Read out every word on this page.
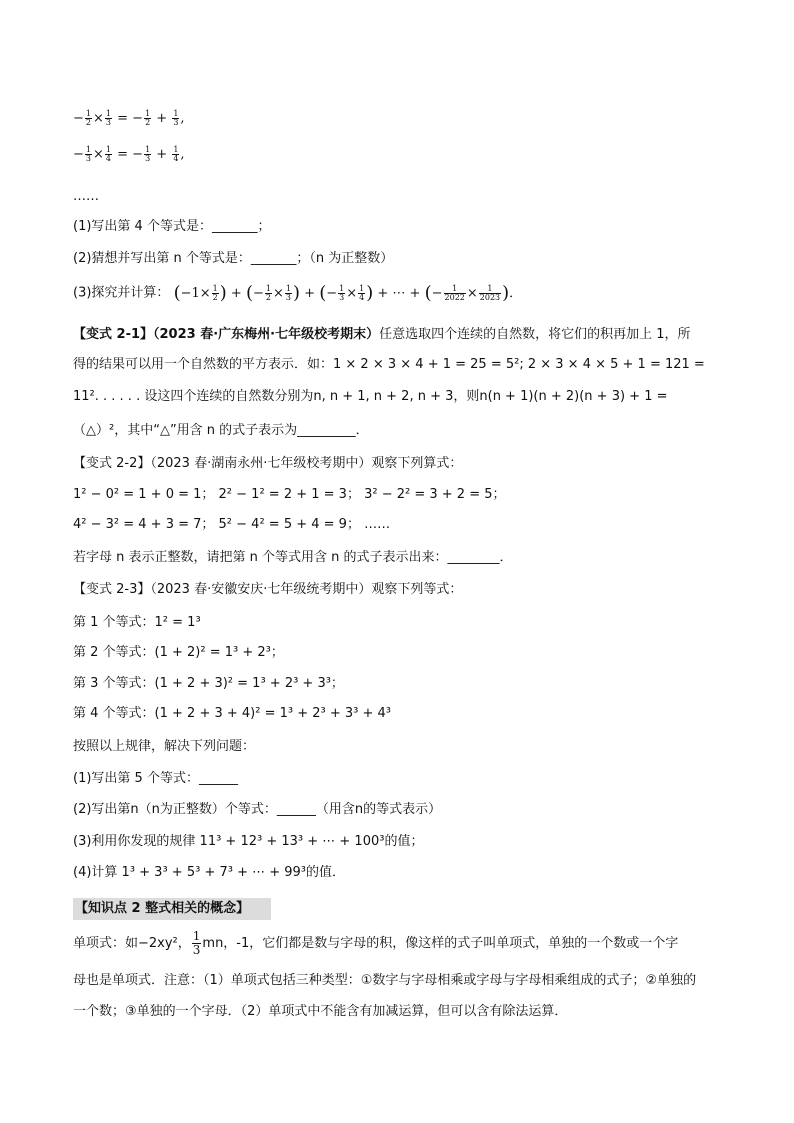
− $\frac{1}{2} \times \frac{1}{3}$ = − $\frac{1}{2} + \frac{1}{3}$ ,
− $\frac{1}{3} \times \frac{1}{4}$ = − $\frac{1}{3} + \frac{1}{4}$ ,
……
(1)写出第 4 个等式是：_______；
(2)猜想并写出第 n 个等式是：_______；（n 为正整数）
(3)探究并计算： ($-1\times \frac{1}{2}$ ) + (− $\frac{1}{2} \times \frac{1}{3}$ ) + (− $\frac{1}{3} \times \frac{1}{4}$ ) + ⋯ + (− $\frac{1}{2022} \times \frac{1}{2023}$ )．
【变式 2-1】（2023 春·广东梅州·七年级校考期末）任意选取四个连续的自然数，将它们的积再加上 1，所
得的结果可以用一个自然数的平方表示．如：1 × 2 × 3 × 4 + 1 = 25 = 5²; 2 × 3 × 4 × 5 + 1 = 121 =
11². . . . . . 设这四个连续的自然数分别为n, n + 1, n + 2, n + 3，则n(n + 1)(n + 2)(n + 3) + 1 =
（△）²，其中“△”用含 n 的式子表示为_________．
【变式 2-2】（2023 春·湖南永州·七年级校考期中）观察下列算式：
1² − 0² = 1 + 0 = 1； 2² − 1² = 2 + 1 = 3； 3² − 2² = 3 + 2 = 5；
4² − 3² = 4 + 3 = 7； 5² − 4² = 5 + 4 = 9； ……
若字母 n 表示正整数，请把第 n 个等式用含 n 的式子表示出来：________．
【变式 2-3】（2023 春·安徽安庆·七年级统考期中）观察下列等式：
第 1 个等式：1² = 1³
第 2 个等式：(1 + 2)² = 1³ + 2³；
第 3 个等式：(1 + 2 + 3)² = 1³ + 2³ + 3³；
第 4 个等式：(1 + 2 + 3 + 4)² = 1³ + 2³ + 3³ + 4³
按照以上规律，解决下列问题：
(1)写出第 5 个等式：______
(2)写出第n（n为正整数）个等式：______（用含n的等式表示）
(3)利用你发现的规律 11³ + 12³ + 13³ + ⋯ + 100³的值；
(4)计算 1³ + 3³ + 5³ + 7³ + ⋯ + 99³的值．
【知识点 2 整式相关的概念】
单项式：如−2xy²， $\frac{1}{3}$ mn，-1，它们都是数与字母的积，像这样的式子叫单项式，单独的一个数或一个字
母也是单项式．注意：（1）单项式包括三种类型：①数字与字母相乘或字母与字母相乘组成的式子；②单独的
一个数；③单独的一个字母．（2）单项式中不能含有加减运算，但可以含有除法运算．
